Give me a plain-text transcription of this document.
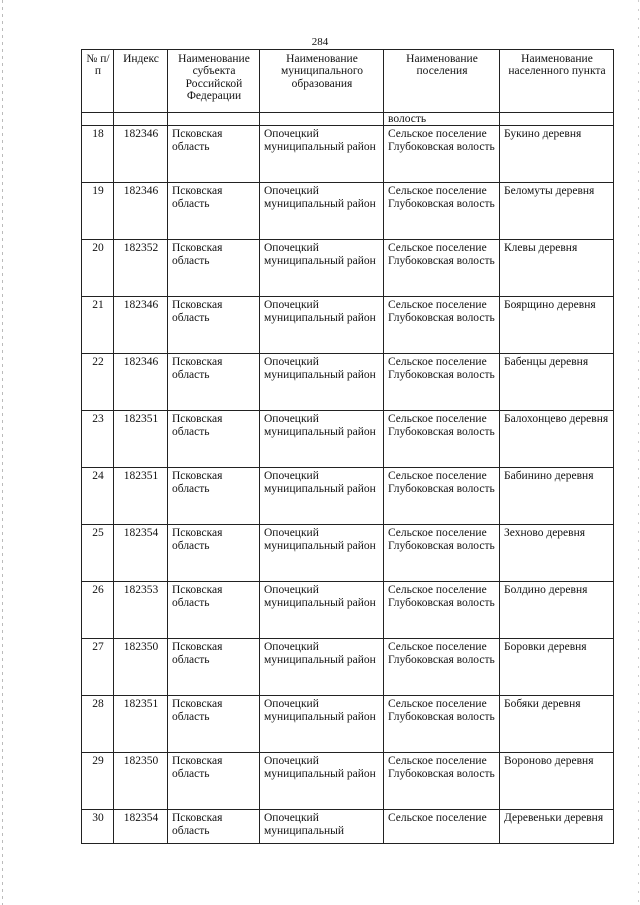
284
№ п/п	Индекс	Наименование субъекта Российской Федерации	Наименование муниципального образования	Наименование поселения	Наименование населенного пункта
				волость	
18	182346	Псковская область	Опочецкий муниципальный район	Сельское поселение Глубоковская волость	Букино деревня
19	182346	Псковская область	Опочецкий муниципальный район	Сельское поселение Глубоковская волость	Беломуты деревня
20	182352	Псковская область	Опочецкий муниципальный район	Сельское поселение Глубоковская волость	Клевы деревня
21	182346	Псковская область	Опочецкий муниципальный район	Сельское поселение Глубоковская волость	Боярщино деревня
22	182346	Псковская область	Опочецкий муниципальный район	Сельское поселение Глубоковская волость	Бабенцы деревня
23	182351	Псковская область	Опочецкий муниципальный район	Сельское поселение Глубоковская волость	Балохонцево деревня
24	182351	Псковская область	Опочецкий муниципальный район	Сельское поселение Глубоковская волость	Бабинино деревня
25	182354	Псковская область	Опочецкий муниципальный район	Сельское поселение Глубоковская волость	Зехново деревня
26	182353	Псковская область	Опочецкий муниципальный район	Сельское поселение Глубоковская волость	Болдино деревня
27	182350	Псковская область	Опочецкий муниципальный район	Сельское поселение Глубоковская волость	Боровки деревня
28	182351	Псковская область	Опочецкий муниципальный район	Сельское поселение Глубоковская волость	Бобяки деревня
29	182350	Псковская область	Опочецкий муниципальный район	Сельское поселение Глубоковская волость	Вороново деревня
30	182354	Псковская область	Опочецкий муниципальный	Сельское поселение	Деревеньки деревня
